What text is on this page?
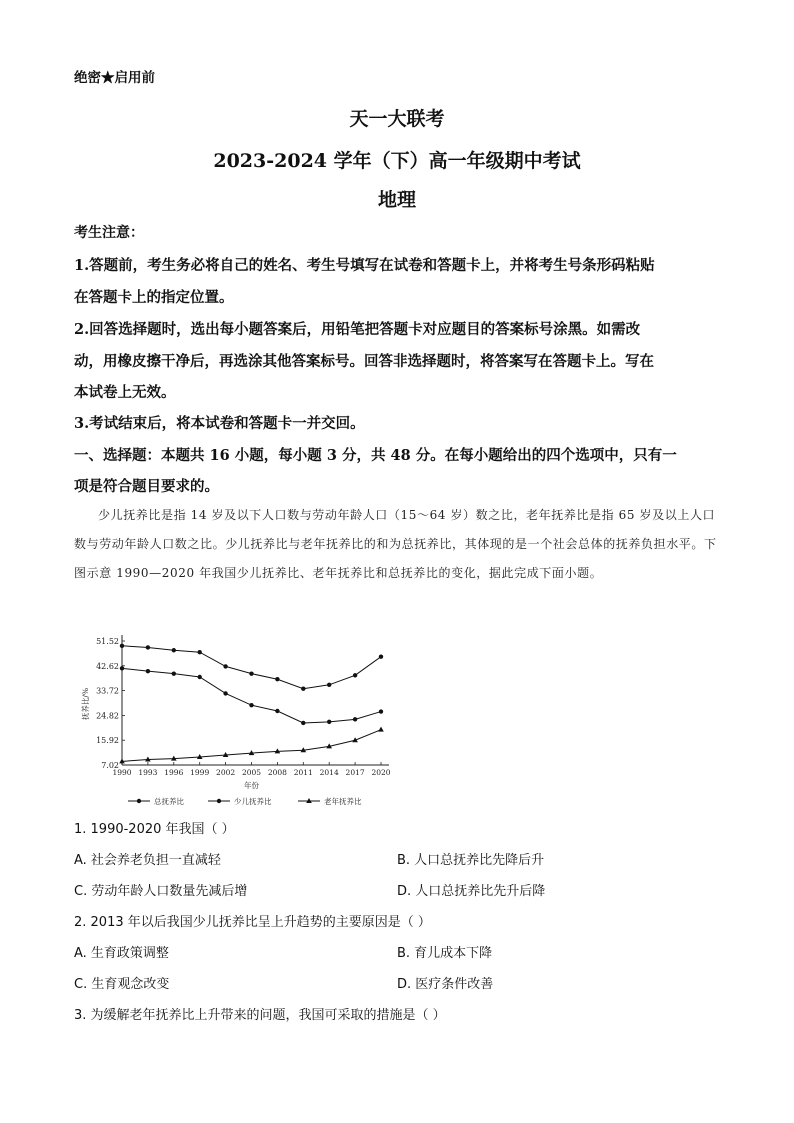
绝密★启用前
天一大联考
2023-2024 学年（下）高一年级期中考试
地理
考生注意：
1.答题前，考生务必将自己的姓名、考生号填写在试卷和答题卡上，并将考生号条形码粘贴
在答题卡上的指定位置。
2.回答选择题时，选出每小题答案后，用铅笔把答题卡对应题目的答案标号涂黑。如需改
动，用橡皮擦干净后，再选涂其他答案标号。回答非选择题时，将答案写在答题卡上。写在
本试卷上无效。
3.考试结束后，将本试卷和答题卡一并交回。
一、选择题：本题共 16 小题，每小题 3 分，共 48 分。在每小题给出的四个选项中，只有一
项是符合题目要求的。
少儿抚养比是指 14 岁及以下人口数与劳动年龄人口（15～64 岁）数之比，老年抚养比是指 65 岁及以上人口数与劳动年龄人口数之比。少儿抚养比与老年抚养比的和为总抚养比，其体现的是一个社会总体的抚养负担水平。下图示意 1990—2020 年我国少儿抚养比、老年抚养比和总抚养比的变化，据此完成下面小题。
7.02
15.92
24.82
33.72
42.62
51.52
1990 1993 1996 1999 2002 2005 2008 2011 2014 2017 2020
年份
抚养比/%
总抚养比	少儿抚养比	老年抚养比
1. 1990-2020 年我国（ ）
A. 社会养老负担一直减轻	B. 人口总抚养比先降后升
C. 劳动年龄人口数量先减后增	D. 人口总抚养比先升后降
2. 2013 年以后我国少儿抚养比呈上升趋势的主要原因是（ ）
A. 生育政策调整	B. 育儿成本下降
C. 生育观念改变	D. 医疗条件改善
3. 为缓解老年抚养比上升带来的问题，我国可采取的措施是（ ）
